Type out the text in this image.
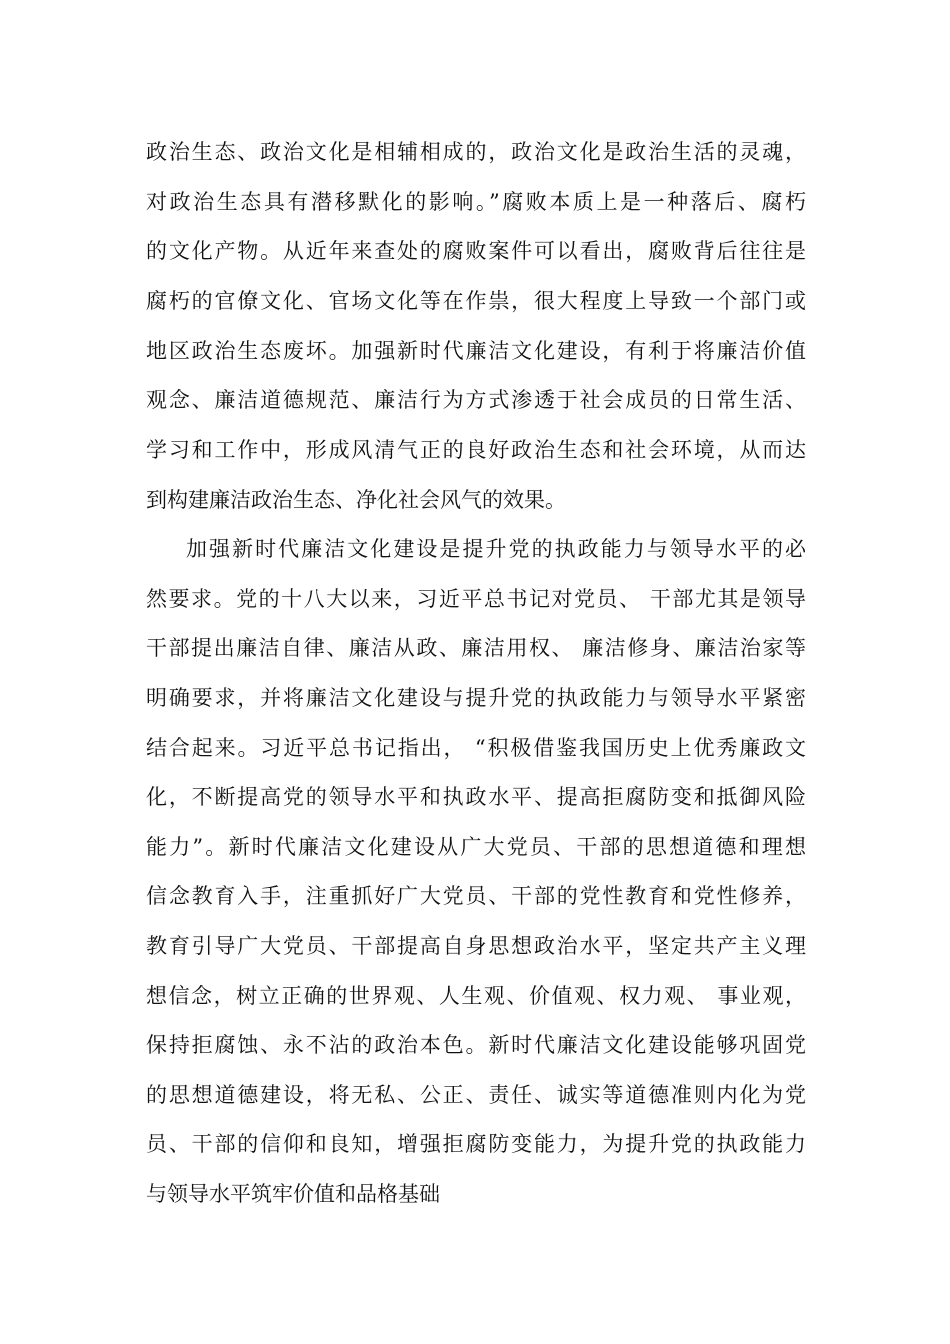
政治生态、政治文化是相辅相成的，政治文化是政治生活的灵魂，
对政治生态具有潜移默化的影响。”腐败本质上是一种落后、腐朽
的文化产物。从近年来查处的腐败案件可以看出，腐败背后往往是
腐朽的官僚文化、官场文化等在作祟，很大程度上导致一个部门或
地区政治生态废坏。加强新时代廉洁文化建设，有利于将廉洁价值
观念、廉洁道德规范、廉洁行为方式渗透于社会成员的日常生活、
学习和工作中，形成风清气正的良好政治生态和社会环境，从而达
到构建廉洁政治生态、净化社会风气的效果。
加强新时代廉洁文化建设是提升党的执政能力与领导水平的必
然要求。党的十八大以来，习近平总书记对党员、 干部尤其是领导
干部提出廉洁自律、廉洁从政、廉洁用权、 廉洁修身、廉洁治家等
明确要求，并将廉洁文化建设与提升党的执政能力与领导水平紧密
结合起来。习近平总书记指出， “积极借鉴我国历史上优秀廉政文
化，不断提高党的领导水平和执政水平、提高拒腐防变和抵御风险
能力”。新时代廉洁文化建设从广大党员、干部的思想道德和理想
信念教育入手，注重抓好广大党员、干部的党性教育和党性修养，
教育引导广大党员、干部提高自身思想政治水平，坚定共产主义理
想信念，树立正确的世界观、人生观、价值观、权力观、 事业观，
保持拒腐蚀、永不沾的政治本色。新时代廉洁文化建设能够巩固党
的思想道德建设，将无私、公正、责任、诚实等道德准则内化为党
员、干部的信仰和良知，增强拒腐防变能力，为提升党的执政能力
与领导水平筑牢价值和品格基础
